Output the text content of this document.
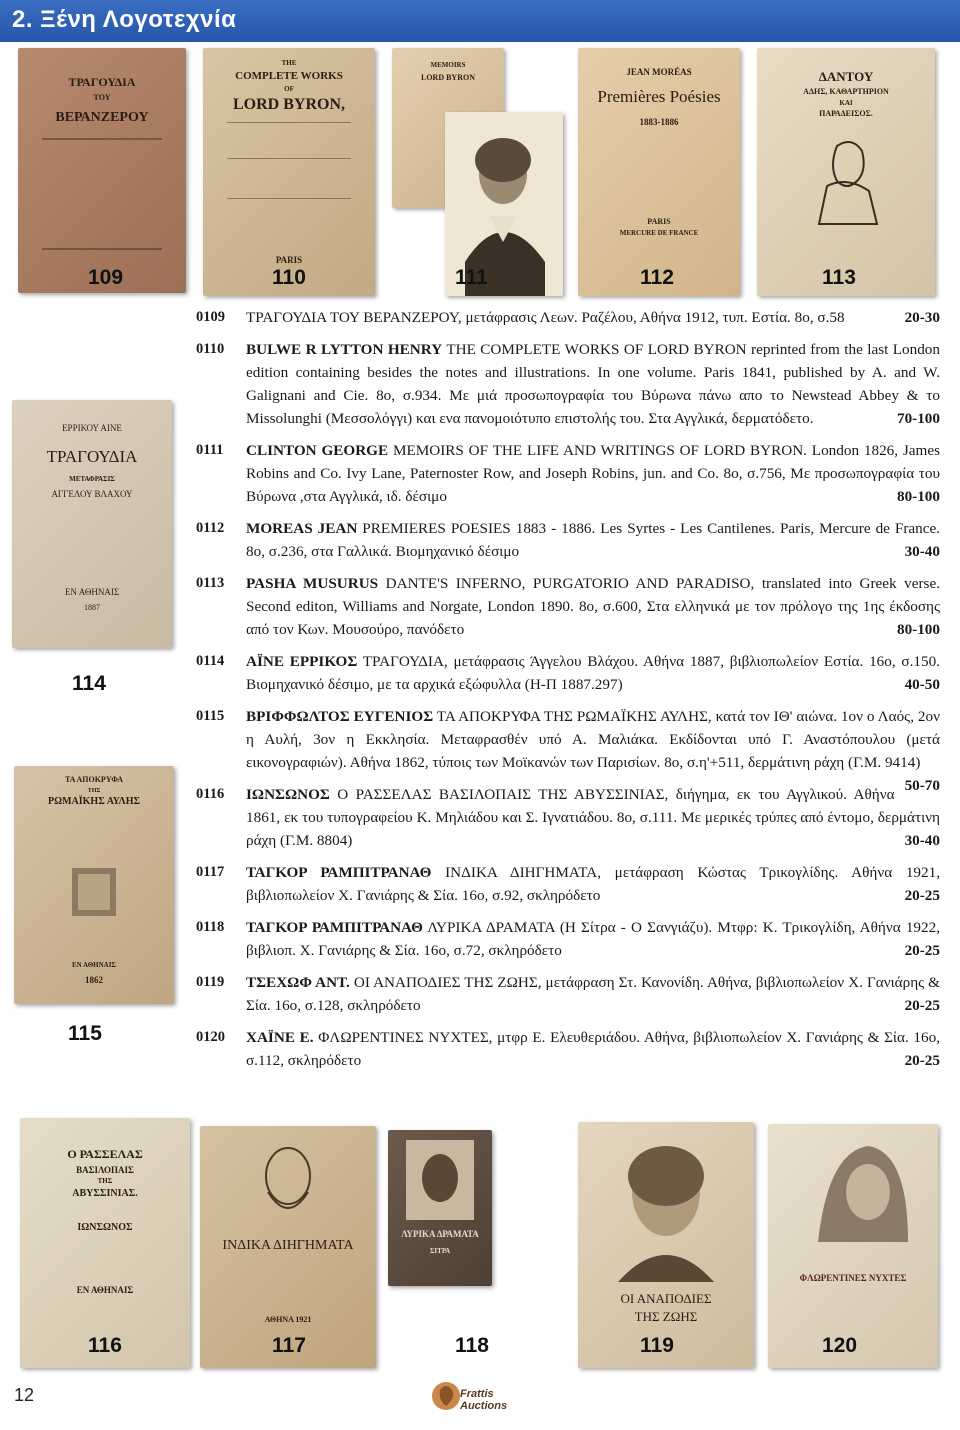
2. Ξένη Λογοτεχνία
ΤΡΑΓΟΥΔΙΑ
ΤΟΥ
ΒΕΡΑΝΖΕΡΟΥ
THE
COMPLETE WORKS
OF
LORD BYRON,
PARIS
MEMOIRS
LORD BYRON
JEAN MORÉAS
Premières Poésies
1883-1886
PARIS
MERCURE DE FRANCE
ΔΑΝΤΟΥ
ΑΔΗΣ, ΚΑΘΑΡΤΗΡΙΟΝ
ΚΑΙ
ΠΑΡΑΔΕΙΣΟΣ.
109	110	111	112	113
ΕΡΡΙΚΟΥ ΑΙΝΕ
ΤΡΑΓΟΥΔΙΑ
ΜΕΤΑΦΡΑΣΙΣ
ΑΓΓΕΛΟΥ ΒΛΑΧΟΥ
ΕΝ ΑΘΗΝΑΙΣ
1887
114
ΤΑ ΑΠΟΚΡΥΦΑ
ΤΗΣ
ΡΩΜΑΪΚΗΣ ΑΥΛΗΣ
ΕΝ ΑΘΗΝΑΙΣ
1862
115
Ο ΡΑΣΣΕΛΑΣ
ΒΑΣΙΛΟΠΑΙΣ
ΤΗΣ
ΑΒΥΣΣΙΝΙΑΣ.
ΙΩΝΣΩΝΟΣ
ΕΝ ΑΘΗΝΑΙΣ
ΙΝΔΙΚΑ ΔΙΗΓΗΜΑΤΑ
ΑΘΗΝΑ 1921
ΛΥΡΙΚΑ ΔΡΑΜΑΤΑ
ΣΙΤΡΑ
ΟΙ ΑΝΑΠΟΔΙΕΣ
ΤΗΣ ΖΩΗΣ
ΦΛΩΡΕΝΤΙΝΕΣ ΝΥΧΤΕΣ
116	117	118	119	120
0109 ΤΡΑΓΟΥΔΙΑ ΤΟΥ ΒΕΡΑΝΖΕΡΟΥ, μετάφρασις Λεων. Ραζέλου, Αθήνα 1912, τυπ. Εστία. 8ο, σ.58	20-30
0110 BULWE R LYTTON HENRY THE COMPLETE WORKS OF LORD BYRON reprinted from the last London edition containing besides the notes and illustrations. In one volume. Paris 1841, published by A. and W. Galignani and Cie. 8ο, σ.934. Με μιά προσωπογραφία του Βύρωνα πάνω απο το Newstead Abbey & το Missolunghi (Μεσσολόγγι) και ενα πανομοιότυπο επιστολής του. Στα Αγγλικά, δερματόδετο.	70-100
0111 CLINTON GEORGE MEMOIRS OF THE LIFE AND WRITINGS OF LORD BYRON. London 1826, James Robins and Co. Ivy Lane, Paternoster Row, and Joseph Robins, jun. and Co. 8ο, σ.756, Με προσωπογραφία του Βύρωνα ,στα Αγγλικά, ιδ. δέσιμο	80-100
0112 MOREAS JEAN PREMIERES POESIES 1883 - 1886. Les Syrtes - Les Cantilenes. Paris, Mercure de France. 8ο, σ.236, στα Γαλλικά. Βιομηχανικό δέσιμο	30-40
0113 PASHA MUSURUS DANTE'S INFERNO, PURGATORIO AND PARADISO, translated into Greek verse. Second editon, Williams and Norgate, London 1890. 8ο, σ.600, Στα ελληνικά με τον πρόλογο της 1ης έκδοσης από τον Κων. Μουσούρο, πανόδετο	80-100
0114 ΑΪΝΕ ΕΡΡΙΚΟΣ ΤΡΑΓΟΥΔΙΑ, μετάφρασις Άγγελου Βλάχου. Αθήνα 1887, βιβλιοπωλείον Εστία. 16ο, σ.150. Βιομηχανικό δέσιμο, με τα αρχικά εξώφυλλα (Η-Π 1887.297)	40-50
0115 ΒΡΙΦΦΩΛΤΟΣ ΕΥΓΕΝΙΟΣ ΤΑ ΑΠΟΚΡΥΦΑ ΤΗΣ ΡΩΜΑΪΚΗΣ ΑΥΛΗΣ, κατά τον ΙΘ' αιώνα. 1ον ο Λαός, 2ον η Αυλή, 3ον η Εκκλησία. Μεταφρασθέν υπό Α. Μαλιάκα. Εκδίδονται υπό Γ. Αναστόπουλου (μετά εικονογραφιών). Αθήνα 1862, τύποις των Μοϊκανών των Παρισίων. 8ο, σ.η'+511, δερμάτινη ράχη (Γ.Μ. 9414)
50-70
0116 ΙΩΝΣΩΝΟΣ Ο ΡΑΣΣΕΛΑΣ ΒΑΣΙΛΟΠΑΙΣ ΤΗΣ ΑΒΥΣΣΙΝΙΑΣ, διήγημα, εκ του Αγγλικού. Αθήνα 1861, εκ του τυπογραφείου Κ. Μηλιάδου και Σ. Ιγνατιάδου. 8ο, σ.111. Με μερικές τρύπες από έντομο, δερμάτινη ράχη (Γ.Μ. 8804)	30-40
0117 ΤΑΓΚΟΡ ΡΑΜΠΙΤΡΑΝΑΘ ΙΝΔΙΚΑ ΔΙΗΓΗΜΑΤΑ, μετάφραση Κώστας Τρικογλίδης. Αθήνα 1921, βιβλιοπωλείον Χ. Γανιάρης & Σία. 16ο, σ.92, σκληρόδετο	20-25
0118 ΤΑΓΚΟΡ ΡΑΜΠΙΤΡΑΝΑΘ ΛΥΡΙΚΑ ΔΡΑΜΑΤΑ (Η Σίτρα - Ο Σανγιάζυ). Μτφρ: Κ. Τρικογλίδη, Αθήνα 1922, βιβλιοπ. Χ. Γανιάρης & Σία. 16ο, σ.72, σκληρόδετο	20-25
0119 ΤΣΕΧΩΦ ΑΝΤ. ΟΙ ΑΝΑΠΟΔΙΕΣ ΤΗΣ ΖΩΗΣ, μετάφραση Στ. Κανονίδη. Αθήνα, βιβλιοπωλείον Χ. Γανιάρης & Σία. 16ο, σ.128, σκληρόδετο	20-25
0120 ΧΑΪΝΕ Ε. ΦΛΩΡΕΝΤΙΝΕΣ ΝΥΧΤΕΣ, μτφρ Ε. Ελευθεριάδου. Αθήνα, βιβλιοπωλείον Χ. Γανιάρης & Σία. 16ο, σ.112, σκληρόδετο	20-25
12	Frattis
Auctions
